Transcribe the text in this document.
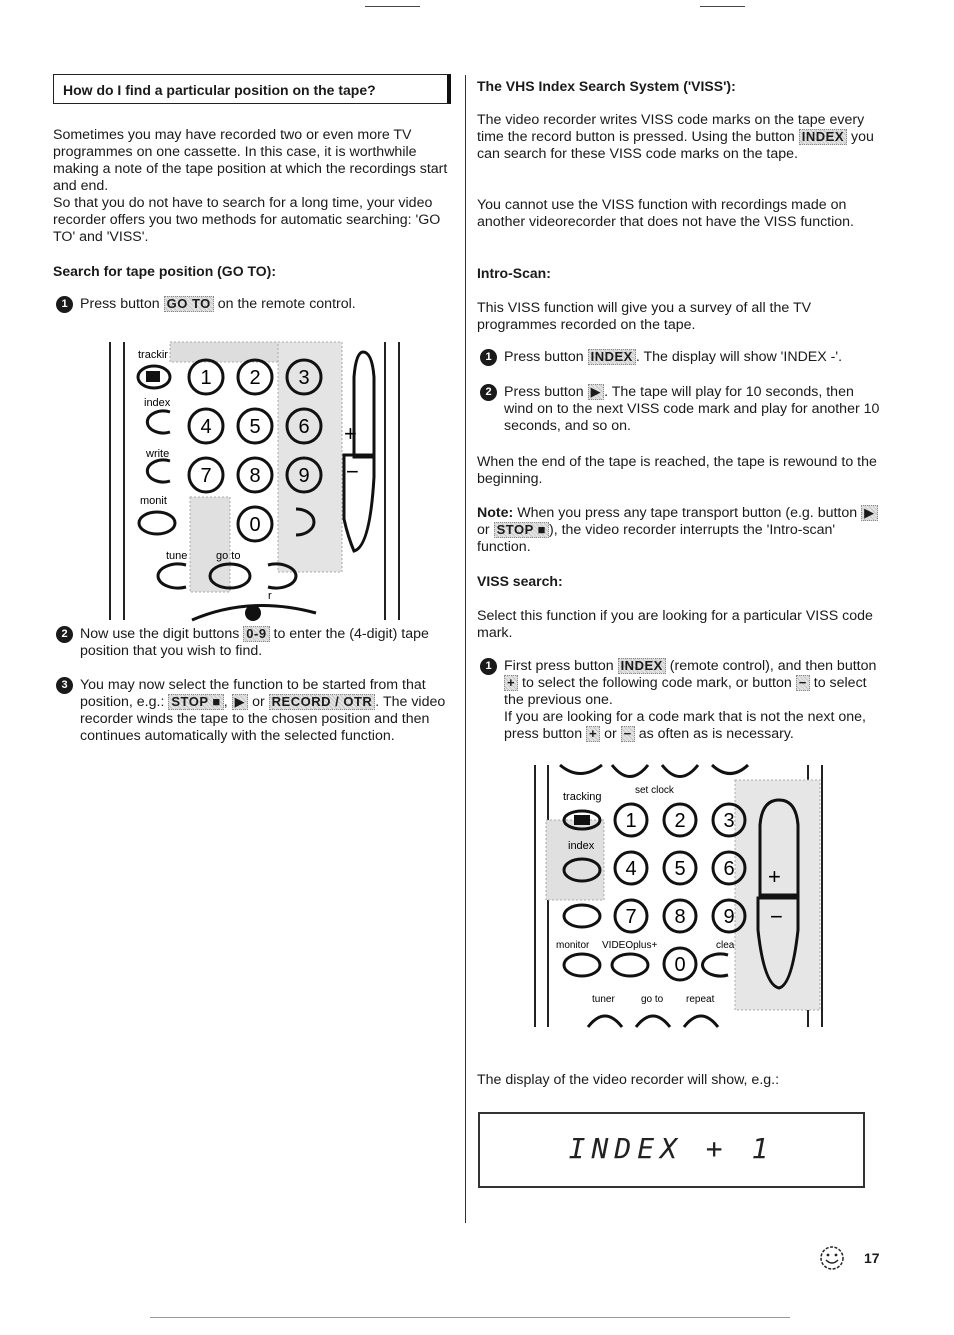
How do I find a particular position on the tape?

Sometimes you may have recorded two or even more TV programmes on one cassette. In this case, it is worthwhile making a note of the tape position at which the recordings start and end.

So that you do not have to search for a long time, your video recorder offers you two methods for automatic searching: 'GO TO' and 'VISS'.

Search for tape position (GO TO):

1 Press button GO TO on the remote control.

trackir
index
write
monit
tune	go to
r
+
−
1 2 3
4 5 6
7 8 9
0
2 Now use the digit buttons 0-9 to enter the (4-digit) tape position that you wish to find.

3 You may now select the function to be started from that position, e.g.: STOP ■ , ▶ or RECORD / OTR . The video recorder winds the tape to the chosen position and then continues automatically with the selected function.

The VHS Index Search System ('VISS'):

The video recorder writes VISS code marks on the tape every time the record button is pressed. Using the button INDEX you can search for these VISS code marks on the tape.

You cannot use the VISS function with recordings made on another videorecorder that does not have the VISS function.

Intro-Scan:

This VISS function will give you a survey of all the TV programmes recorded on the tape.

1 Press button INDEX . The display will show 'INDEX -'.

2 Press button ▶ . The tape will play for 10 seconds, then wind on to the next VISS code mark and play for another 10 seconds, and so on.

When the end of the tape is reached, the tape is rewound to the beginning.

Note: When you press any tape transport button (e.g. button ▶ or STOP ■ ), the video recorder interrupts the 'Intro-scan' function.

VISS search:

Select this function if you are looking for a particular VISS code mark.

1 First press button INDEX (remote control), and then button + to select the following code mark, or button − to select the previous one.
If you are looking for a code mark that is not the next one, press button + or − as often as is necessary.

set clock
tracking
index
monitor VIDEOplus+	clea
tuner	go to repeat
+
−
1 2 3
4 5 6
7 8 9
0

The display of the video recorder will show, e.g.:

INDEX + 1
17
